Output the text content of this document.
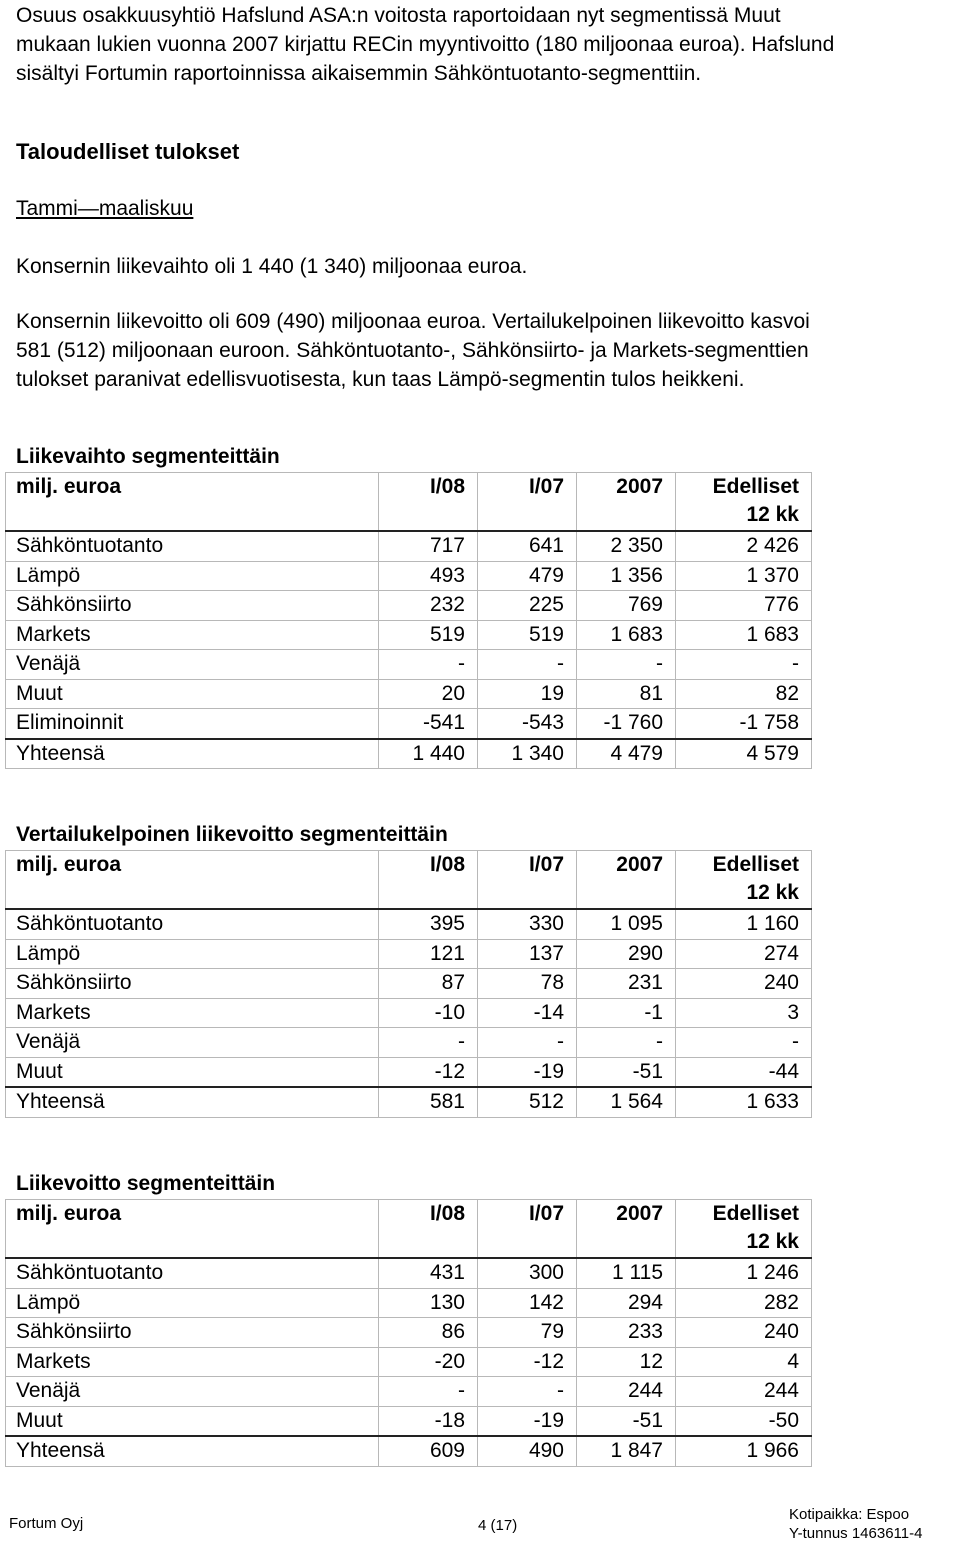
Osuus osakkuusyhtiö Hafslund ASA:n voitosta raportoidaan nyt segmentissä Muut

mukaan lukien vuonna 2007 kirjattu RECin myyntivoitto (180 miljoonaa euroa). Hafslund

sisältyi Fortumin raportoinnissa aikaisemmin Sähköntuotanto-segmenttiin.

Taloudelliset tulokset

Tammi—maaliskuu

Konsernin liikevaihto oli 1 440 (1 340) miljoonaa euroa.

Konsernin liikevoitto oli 609 (490) miljoonaa euroa. Vertailukelpoinen liikevoitto kasvoi

581 (512) miljoonaan euroon. Sähköntuotanto-, Sähkönsiirto- ja Markets-segmenttien

tulokset paranivat edellisvuotisesta, kun taas Lämpö-segmentin tulos heikkeni.

Liikevaihto segmenteittäin

milj. euroa	I/08	I/07	2007	Edelliset
12 kk

Sähköntuotanto	717	641	2 350	2 426
Lämpö	493	479	1 356	1 370
Sähkönsiirto	232	225	769	776
Markets	519	519	1 683	1 683
Venäjä	-	-	-	-
Muut	20	19	81	82
Eliminoinnit	-541	-543	-1 760	-1 758
Yhteensä	1 440	1 340	4 479	4 579

Vertailukelpoinen liikevoitto segmenteittäin

milj. euroa	I/08	I/07	2007	Edelliset
12 kk

Sähköntuotanto	395	330	1 095	1 160
Lämpö	121	137	290	274
Sähkönsiirto	87	78	231	240
Markets	-10	-14	-1	3
Venäjä	-	-	-	-
Muut	-12	-19	-51	-44
Yhteensä	581	512	1 564	1 633

Liikevoitto segmenteittäin

milj. euroa	I/08	I/07	2007	Edelliset
12 kk

Sähköntuotanto	431	300	1 115	1 246
Lämpö	130	142	294	282
Sähkönsiirto	86	79	233	240
Markets	-20	-12	12	4
Venäjä	-	-	244	244
Muut	-18	-19	-51	-50
Yhteensä	609	490	1 847	1 966
Fortum Oyj	4 (17)
Kotipaikka: Espoo
Y-tunnus 1463611-4
